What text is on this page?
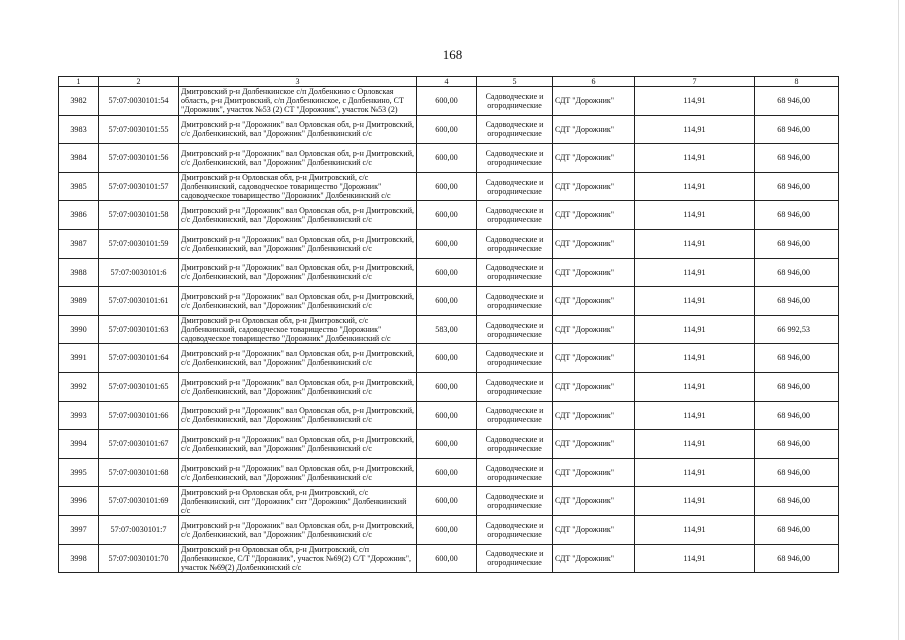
168
1	2	3	4	5	6	7	8
3982	57:07:0030101:54	Дмитровский р-н Долбенкинское с/п Долбенкино с Орловская область, р-н Дмитровский, с/п Долбенкинское, с Долбенкино, СТ "Дорожник", участок №53 (2) СТ "Дорожник", участок №53 (2)	600,00	Садоводческие и огороднические	СДТ "Дорожник"	114,91	68 946,00
3983	57:07:0030101:55	Дмитровский р-н "Дорожник" вал Орловская обл, р-н Дмитровский, с/с Долбенкинский, вал "Дорожник" Долбенкинский с/с	600,00	Садоводческие и огороднические	СДТ "Дорожник"	114,91	68 946,00
3984	57:07:0030101:56	Дмитровский р-н "Дорожник" вал Орловская обл, р-н Дмитровский, с/с Долбенкинский, вал "Дорожник" Долбенкинский с/с	600,00	Садоводческие и огороднические	СДТ "Дорожник"	114,91	68 946,00
3985	57:07:0030101:57	Дмитровский р-н Орловская обл, р-н Дмитровский, с/с Долбенкинский, садоводческое товарищество "Дорожник" садоводческое товарищество "Дорожник" Долбенкинский с/с	600,00	Садоводческие и огороднические	СДТ "Дорожник"	114,91	68 946,00
3986	57:07:0030101:58	Дмитровский р-н "Дорожник" вал Орловская обл, р-н Дмитровский, с/с Долбенкинский, вал "Дорожник" Долбенкинский с/с	600,00	Садоводческие и огороднические	СДТ "Дорожник"	114,91	68 946,00
3987	57:07:0030101:59	Дмитровский р-н "Дорожник" вал Орловская обл, р-н Дмитровский, с/с Долбенкинский, вал "Дорожник" Долбенкинский с/с	600,00	Садоводческие и огороднические	СДТ "Дорожник"	114,91	68 946,00
3988	57:07:0030101:6	Дмитровский р-н "Дорожник" вал Орловская обл, р-н Дмитровский, с/с Долбенкинский, вал "Дорожник" Долбенкинский с/с	600,00	Садоводческие и огороднические	СДТ "Дорожник"	114,91	68 946,00
3989	57:07:0030101:61	Дмитровский р-н "Дорожник" вал Орловская обл, р-н Дмитровский, с/с Долбенкинский, вал "Дорожник" Долбенкинский с/с	600,00	Садоводческие и огороднические	СДТ "Дорожник"	114,91	68 946,00
3990	57:07:0030101:63	Дмитровский р-н Орловская обл, р-н Дмитровский, с/с Долбенкинский, садоводческое товарищество "Дорожник" садоводческое товарищество "Дорожник" Долбенкинский с/с	583,00	Садоводческие и огороднические	СДТ "Дорожник"	114,91	66 992,53
3991	57:07:0030101:64	Дмитровский р-н "Дорожник" вал Орловская обл, р-н Дмитровский, с/с Долбенкинский, вал "Дорожник" Долбенкинский с/с	600,00	Садоводческие и огороднические	СДТ "Дорожник"	114,91	68 946,00
3992	57:07:0030101:65	Дмитровский р-н "Дорожник" вал Орловская обл, р-н Дмитровский, с/с Долбенкинский, вал "Дорожник" Долбенкинский с/с	600,00	Садоводческие и огороднические	СДТ "Дорожник"	114,91	68 946,00
3993	57:07:0030101:66	Дмитровский р-н "Дорожник" вал Орловская обл, р-н Дмитровский, с/с Долбенкинский, вал "Дорожник" Долбенкинский с/с	600,00	Садоводческие и огороднические	СДТ "Дорожник"	114,91	68 946,00
3994	57:07:0030101:67	Дмитровский р-н "Дорожник" вал Орловская обл, р-н Дмитровский, с/с Долбенкинский, вал "Дорожник" Долбенкинский с/с	600,00	Садоводческие и огороднические	СДТ "Дорожник"	114,91	68 946,00
3995	57:07:0030101:68	Дмитровский р-н "Дорожник" вал Орловская обл, р-н Дмитровский, с/с Долбенкинский, вал "Дорожник" Долбенкинский с/с	600,00	Садоводческие и огороднические	СДТ "Дорожник"	114,91	68 946,00
3996	57:07:0030101:69	Дмитровский р-н Орловская обл, р-н Дмитровский, с/с Долбенкинский, снт "Дорожник" снт "Дорожник" Долбенкинский с/с	600,00	Садоводческие и огороднические	СДТ "Дорожник"	114,91	68 946,00
3997	57:07:0030101:7	Дмитровский р-н "Дорожник" вал Орловская обл, р-н Дмитровский, с/с Долбенкинский, вал "Дорожник" Долбенкинский с/с	600,00	Садоводческие и огороднические	СДТ "Дорожник"	114,91	68 946,00
3998	57:07:0030101:70	Дмитровский р-н Орловская обл, р-н Дмитровский, с/п Долбенкинское, С/Т "Дорожник", участок №69(2) С/Т "Дорожник", участок №69(2) Долбенкинский с/с	600,00	Садоводческие и огороднические	СДТ "Дорожник"	114,91	68 946,00
